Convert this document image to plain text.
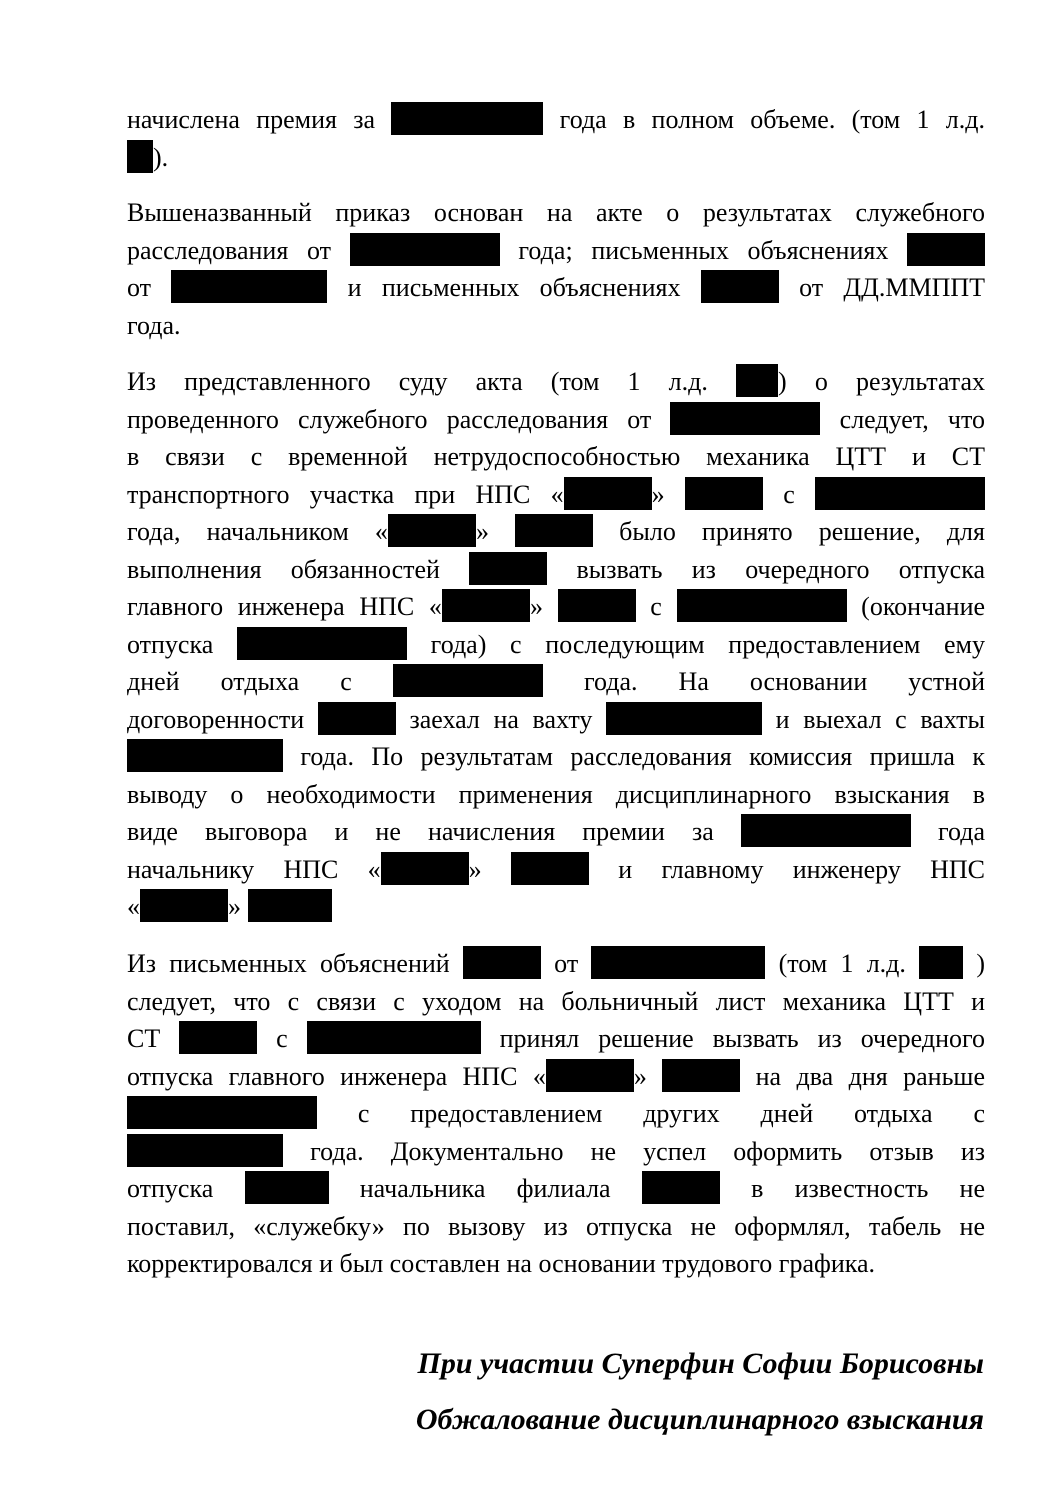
начислена премия за	года в полном объеме. (том 1 л.д.
).
Вышеназванный приказ основан на акте о результатах служебного
расследования от	года; письменных объяснениях
от	и письменных объяснениях	от ДД.ММППТ
года.
Из представленного суду акта (том 1 л.д.	) о результатах
проведенного служебного расследования от	следует, что
в связи с временной нетрудоспособностью механика ЦТТ и СТ
транспортного участка при НПС «	»	с
года, начальником «	»	было принято решение, для
выполнения обязанностей	вызвать из очередного отпуска
главного инженера НПС «	»	с	(окончание
отпуска	года) с последующим предоставлением ему
дней отдыха с	года. На основании устной
договоренности	заехал на вахту	и выехал с вахты
года. По результатам расследования комиссия пришла к
выводу о необходимости применения дисциплинарного взыскания в
виде выговора и не начисления премии за	года
начальнику НПС «	»	и главному инженеру НПС
«	»
Из письменных объяснений	от	(том 1 л.д.	)
следует, что с связи с уходом на больничный лист механика ЦТТ и
СТ	с	принял решение вызвать из очередного
отпуска главного инженера НПС «	»	на два дня раньше
с предоставлением других дней отдыха с
года. Документально не успел оформить отзыв из
отпуска	начальника филиала	в известность не
поставил, «служебку» по вызову из отпуска не оформлял, табель не
корректировался и был составлен на основании трудового графика.
При участии Суперфин Софии Борисовны
Обжалование дисциплинарного взыскания
